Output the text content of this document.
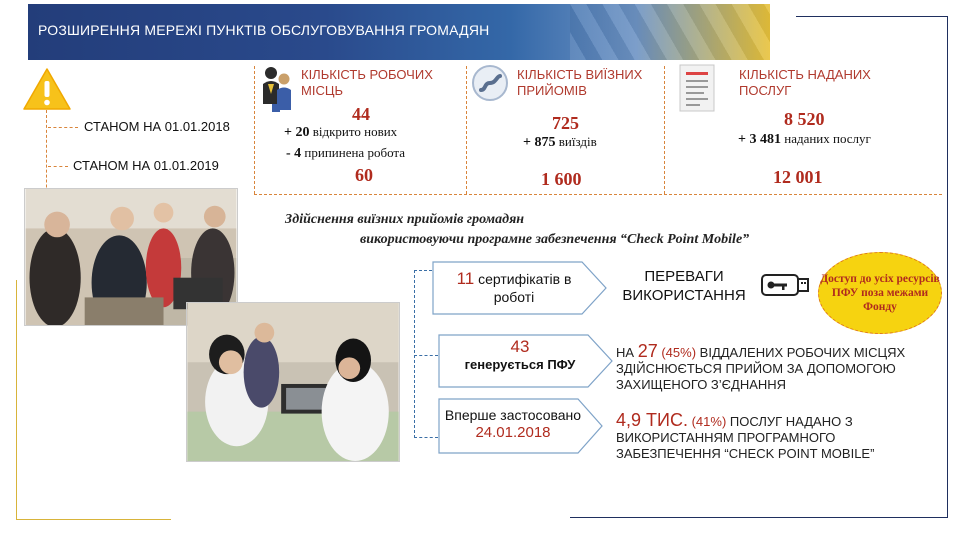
РОЗШИРЕННЯ МЕРЕЖІ ПУНКТІВ ОБСЛУГОВУВАННЯ ГРОМАДЯН
СТАНОМ НА 01.01.2018
СТАНОМ НА 01.01.2019
КІЛЬКІСТЬ РОБОЧИХ МІСЦЬ
44
+ 20 відкрито нових
- 4 припинена робота
60
КІЛЬКІСТЬ ВИЇЗНИХ ПРИЙОМІВ
725
+ 875 виїздів
1 600
КІЛЬКІСТЬ НАДАНИХ ПОСЛУГ
8 520
+ 3 481 наданих послуг
12 001
Здійснення виїзних прийомів громадян
використовуючи програмне забезпечення “Check Point Mobile”
11 сертифікатів в роботі
43
генерується ПФУ
Вперше застосовано
24.01.2018
ПЕРЕВАГИ
ВИКОРИСТАННЯ
Доступ до усіх ресурсів ПФУ поза межами Фонду
НА 27 (45%) ВІДДАЛЕНИХ РОБОЧИХ МІСЦЯХ ЗДІЙСНЮЄТЬСЯ ПРИЙОМ ЗА ДОПОМОГОЮ ЗАХИЩЕНОГО З’ЄДНАННЯ
4,9 ТИС. (41%) ПОСЛУГ НАДАНО З ВИКОРИСТАННЯМ ПРОГРАМНОГО ЗАБЕЗПЕЧЕННЯ “CHECK POINT MOBILE”
